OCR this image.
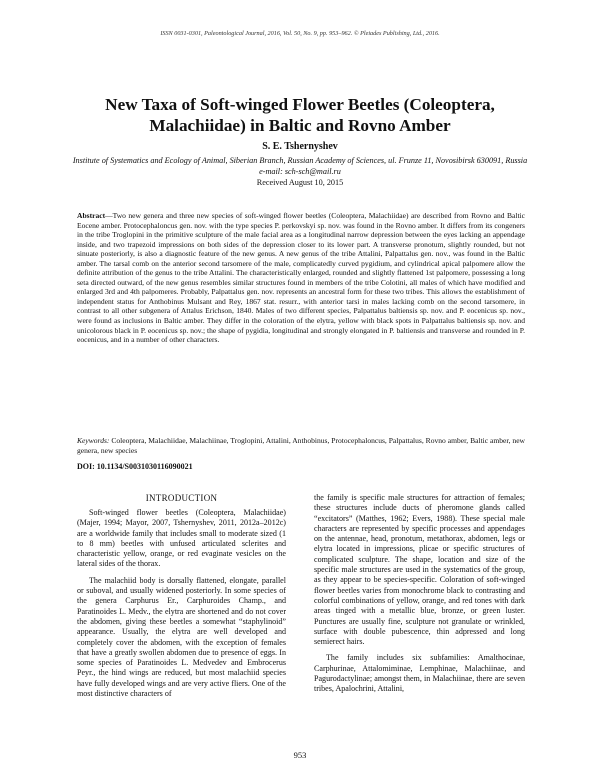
ISSN 0031-0301, Paleontological Journal, 2016, Vol. 50, No. 9, pp. 953–962. © Pleiades Publishing, Ltd., 2016.
New Taxa of Soft-winged Flower Beetles (Coleoptera, Malachiidae) in Baltic and Rovno Amber
S. E. Tshernyshev
Institute of Systematics and Ecology of Animal, Siberian Branch, Russian Academy of Sciences, ul. Frunze 11, Novosibirsk 630091, Russia
e-mail: sch-sch@mail.ru
Received August 10, 2015
Abstract—Two new genera and three new species of soft-winged flower beetles (Coleoptera, Malachiidae) are described from Rovno and Baltic Eocene amber. Protocephaloncus gen. nov. with the type species P. perkovskyi sp. nov. was found in the Rovno amber. It differs from its congeners in the tribe Troglopini in the primitive sculpture of the male facial area as a longitudinal narrow depression between the eyes lacking an appendage inside, and two trapezoid impressions on both sides of the depression closer to its lower part. A transverse pronotum, slightly rounded, but not sinuate posteriorly, is also a diagnostic feature of the new genus. A new genus of the tribe Attalini, Palpattalus gen. nov., was found in the Baltic amber. The tarsal comb on the anterior second tarsomere of the male, complicatedly curved pygidium, and cylindrical apical palpomere allow the definite attribution of the genus to the tribe Attalini. The characteristically enlarged, rounded and slightly flattened 1st palpomere, possessing a long seta directed outward, of the new genus resembles similar structures found in members of the tribe Colotini, all males of which have modified and enlarged 3rd and 4th palpomeres. Probably, Palpattalus gen. nov. represents an ancestral form for these two tribes. This allows the establishment of independent status for Anthobinus Mulsant and Rey, 1867 stat. resurr., with anterior tarsi in males lacking comb on the second tarsomere, in contrast to all other subgenera of Attalus Erichson, 1840. Males of two different species, Palpattalus baltiensis sp. nov. and P. eocenicus sp. nov., were found as inclusions in Baltic amber. They differ in the coloration of the elytra, yellow with black spots in Palpattalus baltiensis sp. nov. and unicolorous black in P. eocenicus sp. nov.; the shape of pygidia, longitudinal and strongly elongated in P. baltiensis and transverse and rounded in P. eocenicus, and in a number of other characters.
Keywords: Coleoptera, Malachiidae, Malachiinae, Troglopini, Attalini, Anthobinus, Protocephaloncus, Palpattalus, Rovno amber, Baltic amber, new genera, new species
DOI: 10.1134/S0031030116090021
INTRODUCTION

Soft-winged flower beetles (Coleoptera, Malachiidae) (Majer, 1994; Mayor, 2007, Tshernyshev, 2011, 2012a–2012c) are a worldwide family that includes small to moderate sized (1 to 8 mm) beetles with unfused articulated sclerites and characteristic yellow, orange, or red evaginate vesicles on the lateral sides of the thorax.

The malachiid body is dorsally flattened, elongate, parallel or suboval, and usually widened posteriorly. In some species of the genera Carphurus Er., Carphuroides Champ., and Paratinoides L. Medv., the elytra are shortened and do not cover the abdomen, giving these beetles a somewhat “staphylinoid” appearance. Usually, the elytra are well developed and completely cover the abdomen, with the exception of females that have a greatly swollen abdomen due to presence of eggs. In some species of Paratinoides L. Medvedev and Embrocerus Peyr., the hind wings are reduced, but most malachiid species have fully developed wings and are very active fliers. One of the most distinctive characters of

the family is specific male structures for attraction of females; these structures include ducts of pheromone glands called “excitators” (Matthes, 1962; Evers, 1988). These special male characters are represented by specific processes and appendages on the antennae, head, pronotum, metathorax, abdomen, legs or elytra located in impressions, plicae or specific structures of complicated sculpture. The shape, location and size of the specific male structures are used in the systematics of the group, as they appear to be species-specific. Coloration of soft-winged flower beetles varies from monochrome black to contrasting and colorful combinations of yellow, orange, and red tones with dark areas tinged with a metallic blue, bronze, or green luster. Punctures are usually fine, sculpture not granulate or wrinkled, surface with double pubescence, thin adpressed and long semierect hairs.

The family includes six subfamilies: Amalthocinae, Carphurinae, Attalomiminae, Lemphinae, Malachiinae, and Pagurodactylinae; amongst them, in Malachiinae, there are seven tribes, Apalochrini, Attalini,

953
